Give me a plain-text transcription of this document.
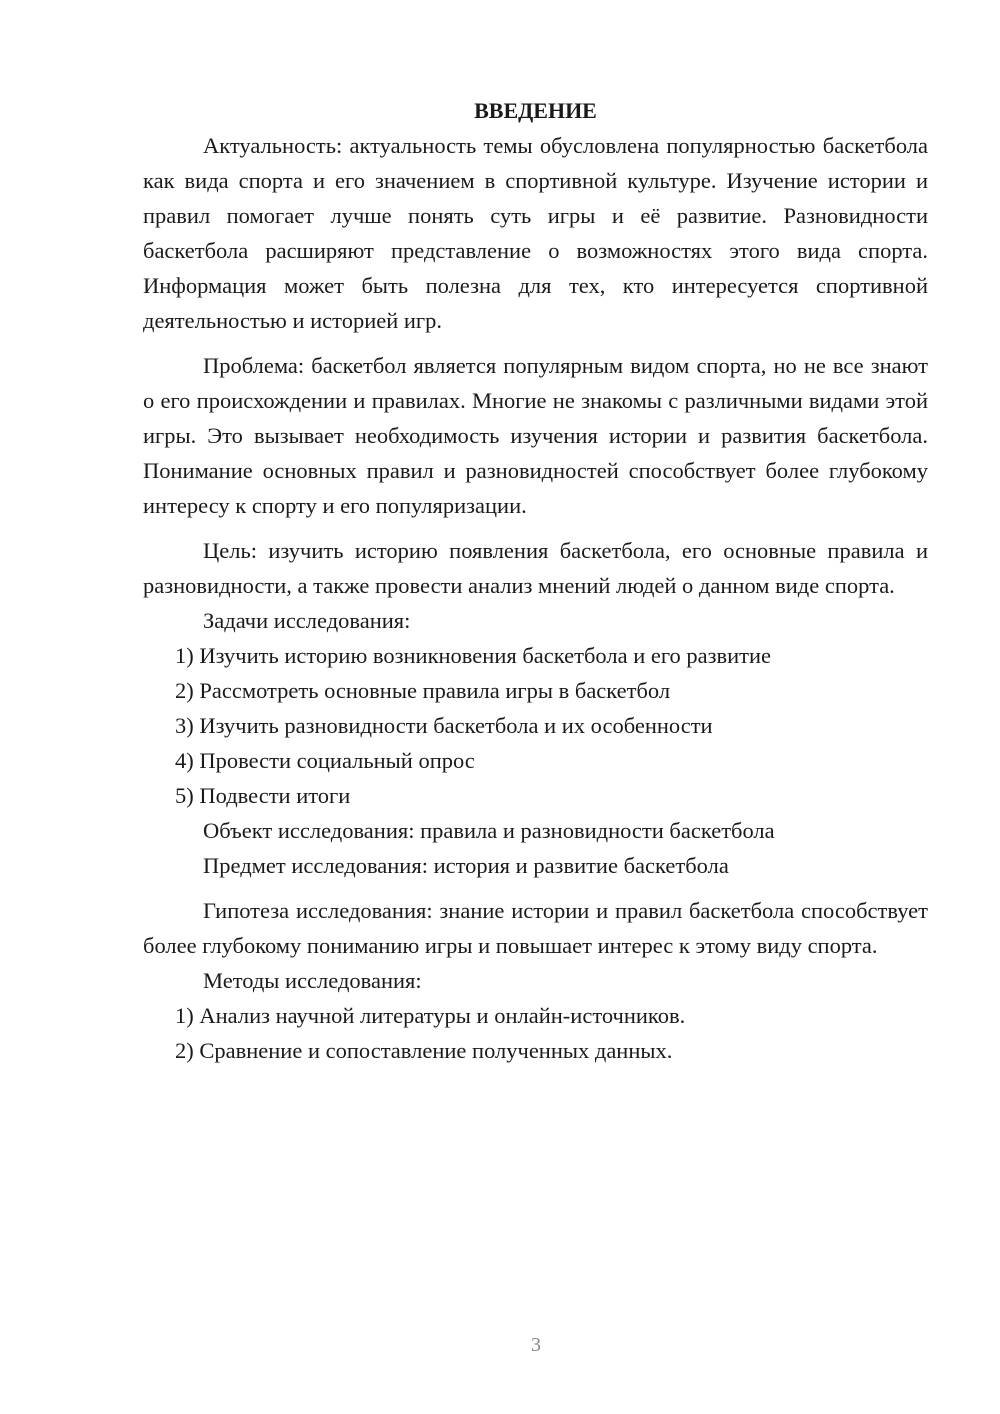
ВВЕДЕНИЕ

Актуальность: актуальность темы обусловлена популярностью баскетбола как вида спорта и его значением в спортивной культуре. Изучение истории и правил помогает лучше понять суть игры и её развитие. Разновидности баскетбола расширяют представление о возможностях этого вида спорта. Информация может быть полезна для тех, кто интересуется спортивной деятельностью и историей игр.

Проблема: баскетбол является популярным видом спорта, но не все знают о его происхождении и правилах. Многие не знакомы с различными видами этой игры. Это вызывает необходимость изучения истории и развития баскетбола. Понимание основных правил и разновидностей способствует более глубокому интересу к спорту и его популяризации.

Цель: изучить историю появления баскетбола, его основные правила и разновидности, а также провести анализ мнений людей о данном виде спорта.

Задачи исследования:

1) Изучить историю возникновения баскетбола и его развитие

2) Рассмотреть основные правила игры в баскетбол

3) Изучить разновидности баскетбола и их особенности

4) Провести социальный опрос

5) Подвести итоги

Объект исследования: правила и разновидности баскетбола

Предмет исследования: история и развитие баскетбола

Гипотеза исследования: знание истории и правил баскетбола способствует более глубокому пониманию игры и повышает интерес к этому виду спорта.

Методы исследования:

1) Анализ научной литературы и онлайн-источников.

2) Сравнение и сопоставление полученных данных.

3
